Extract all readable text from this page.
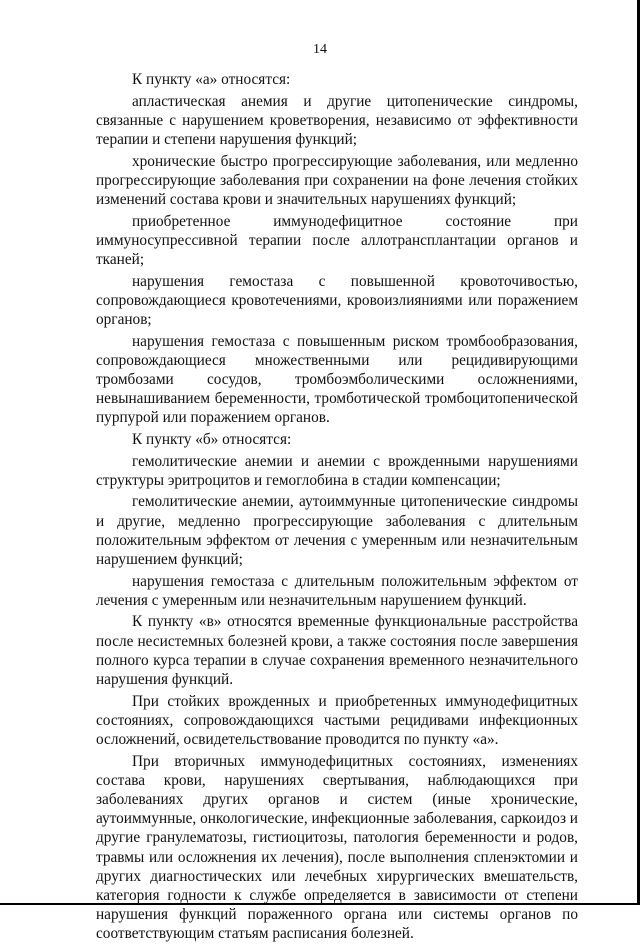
14

К пункту «а» относятся:

апластическая анемия и другие цитопенические синдромы, связанные с нарушением кроветворения, независимо от эффективности терапии и степени нарушения функций;

хронические быстро прогрессирующие заболевания, или медленно прогрессирующие заболевания при сохранении на фоне лечения стойких изменений состава крови и значительных нарушениях функций;

приобретенное иммунодефицитное состояние при иммуносупрессивной терапии после аллотрансплантации органов и тканей;

нарушения гемостаза с повышенной кровоточивостью, сопровождающиеся кровотечениями, кровоизлияниями или поражением органов;

нарушения гемостаза с повышенным риском тромбообразования, сопровождающиеся множественными или рецидивирующими тромбозами сосудов, тромбоэмболическими осложнениями, невынашиванием беременности, тромботической тромбоцитопенической пурпурой или поражением органов.

К пункту «б» относятся:

гемолитические анемии и анемии с врожденными нарушениями структуры эритроцитов и гемоглобина в стадии компенсации;

гемолитические анемии, аутоиммунные цитопенические синдромы и другие, медленно прогрессирующие заболевания с длительным положительным эффектом от лечения с умеренным или незначительным нарушением функций;

нарушения гемостаза с длительным положительным эффектом от лечения с умеренным или незначительным нарушением функций.

К пункту «в» относятся временные функциональные расстройства после несистемных болезней крови, а также состояния после завершения полного курса терапии в случае сохранения временного незначительного нарушения функций.

При стойких врожденных и приобретенных иммунодефицитных состояниях, сопровождающихся частыми рецидивами инфекционных осложнений, освидетельствование проводится по пункту «а».

При вторичных иммунодефицитных состояниях, изменениях состава крови, нарушениях свертывания, наблюдающихся при заболеваниях других органов и систем (иные хронические, аутоиммунные, онкологические, инфекционные заболевания, саркоидоз и другие гранулематозы, гистиоцитозы, патология беременности и родов, травмы или осложнения их лечения), после выполнения спленэктомии и других диагностических или лечебных хирургических вмешательств, категория годности к службе определяется в зависимости от степени нарушения функций пораженного органа или системы органов по соответствующим статьям расписания болезней.
